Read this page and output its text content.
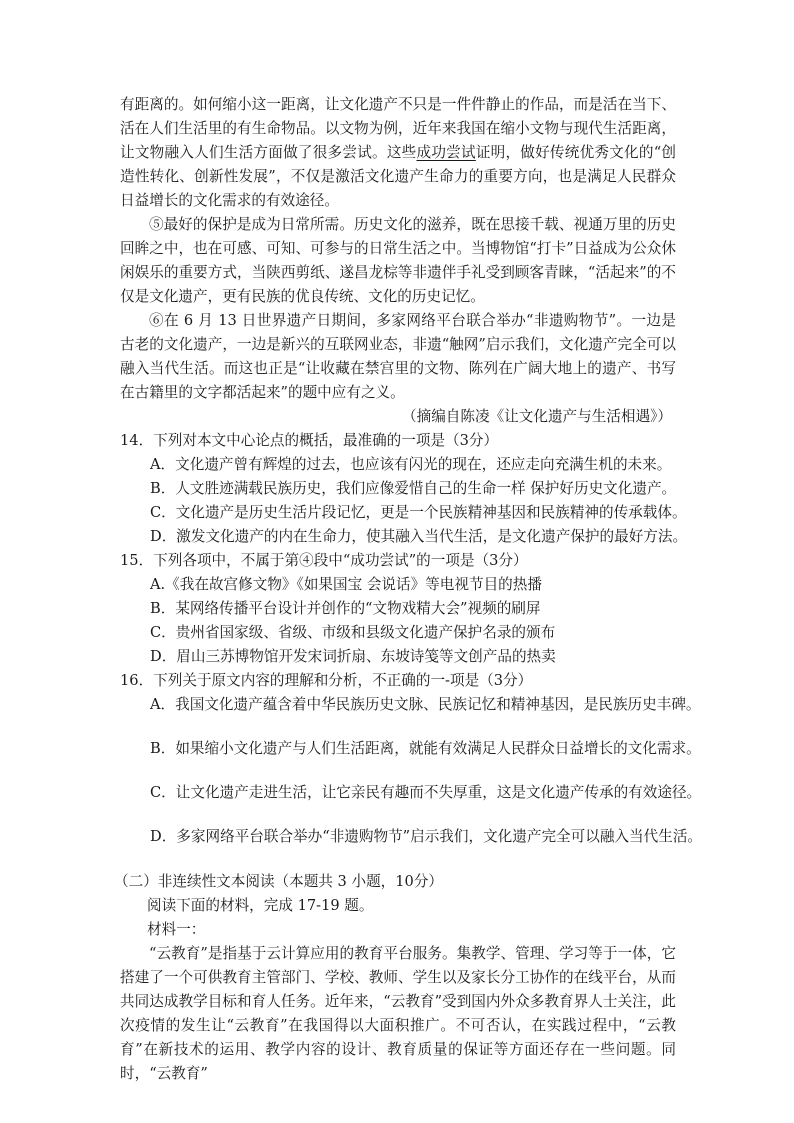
有距离的。如何缩小这一距离，让文化遗产不只是一件件静止的作品，而是活在当下、活在人们生活里的有生命物品。以文物为例，近年来我国在缩小文物与现代生活距离，让文物融入人们生活方面做了很多尝试。这些成功尝试证明，做好传统优秀文化的“创造性转化、创新性发展”，不仅是激活文化遗产生命力的重要方向，也是满足人民群众日益增长的文化需求的有效途径。

⑤最好的保护是成为日常所需。历史文化的滋养，既在思接千载、视通万里的历史回眸之中，也在可感、可知、可参与的日常生活之中。当博物馆“打卡”日益成为公众休闲娱乐的重要方式，当陕西剪纸、遂昌龙棕等非遗伴手礼受到顾客青睐，“活起来”的不仅是文化遗产，更有民族的优良传统、文化的历史记忆。

⑥在 6 月 13 日世界遗产日期间，多家网络平台联合举办“非遗购物节”。一边是古老的文化遗产，一边是新兴的互联网业态，非遗“触网”启示我们，文化遗产完全可以融入当代生活。而这也正是“让收藏在禁宫里的文物、陈列在广阔大地上的遗产、书写在古籍里的文字都活起来”的题中应有之义。

（摘编自陈凌《让文化遗产与生活相遇》）

14．下列对本文中心论点的概括，最准确的一项是（3分）

A．文化遗产曾有辉煌的过去，也应该有闪光的现在，还应走向充满生机的未来。

B．人文胜迹满载民族历史，我们应像爱惜自己的生命一样 保护好历史文化遗产。

C．文化遗产是历史生活片段记忆，更是一个民族精神基因和民族精神的传承载体。

D．激发文化遗产的内在生命力，使其融入当代生活，是文化遗产保护的最好方法。

15．下列各项中，不属于第④段中“成功尝试”的一项是（3分）

A.《我在故宫修文物》《如果国宝 会说话》等电视节目的热播

B．某网络传播平台设计并创作的“文物戏精大会”视频的刷屏

C．贵州省国家级、省级、市级和县级文化遗产保护名录的颁布

D．眉山三苏博物馆开发宋词折扇、东坡诗笺等文创产品的热卖

16．下列关于原文内容的理解和分析，不正确的一-项是（3分）

A．我国文化遗产蕴含着中华民族历史文脉、民族记忆和精神基因，是民族历史丰碑。

B．如果缩小文化遗产与人们生活距离，就能有效满足人民群众日益增长的文化需求。

C．让文化遗产走进生活，让它亲民有趣而不失厚重，这是文化遗产传承的有效途径。

D．多家网络平台联合举办“非遗购物节”启示我们，文化遗产完全可以融入当代生活。

（二）非连续性文本阅读（本题共 3 小题，10分）

阅读下面的材料，完成 17-19 题。

材料一：

“云教育”是指基于云计算应用的教育平台服务。集教学、管理、学习等于一体，它搭建了一个可供教育主管部门、学校、教师、学生以及家长分工协作的在线平台，从而共同达成教学目标和育人任务。近年来，“云教育”受到国内外众多教育界人士关注，此次疫情的发生让“云教育”在我国得以大面积推广。不可否认，在实践过程中，“云教育”在新技术的运用、教学内容的设计、教育质量的保证等方面还存在一些问题。同时，“云教育”
